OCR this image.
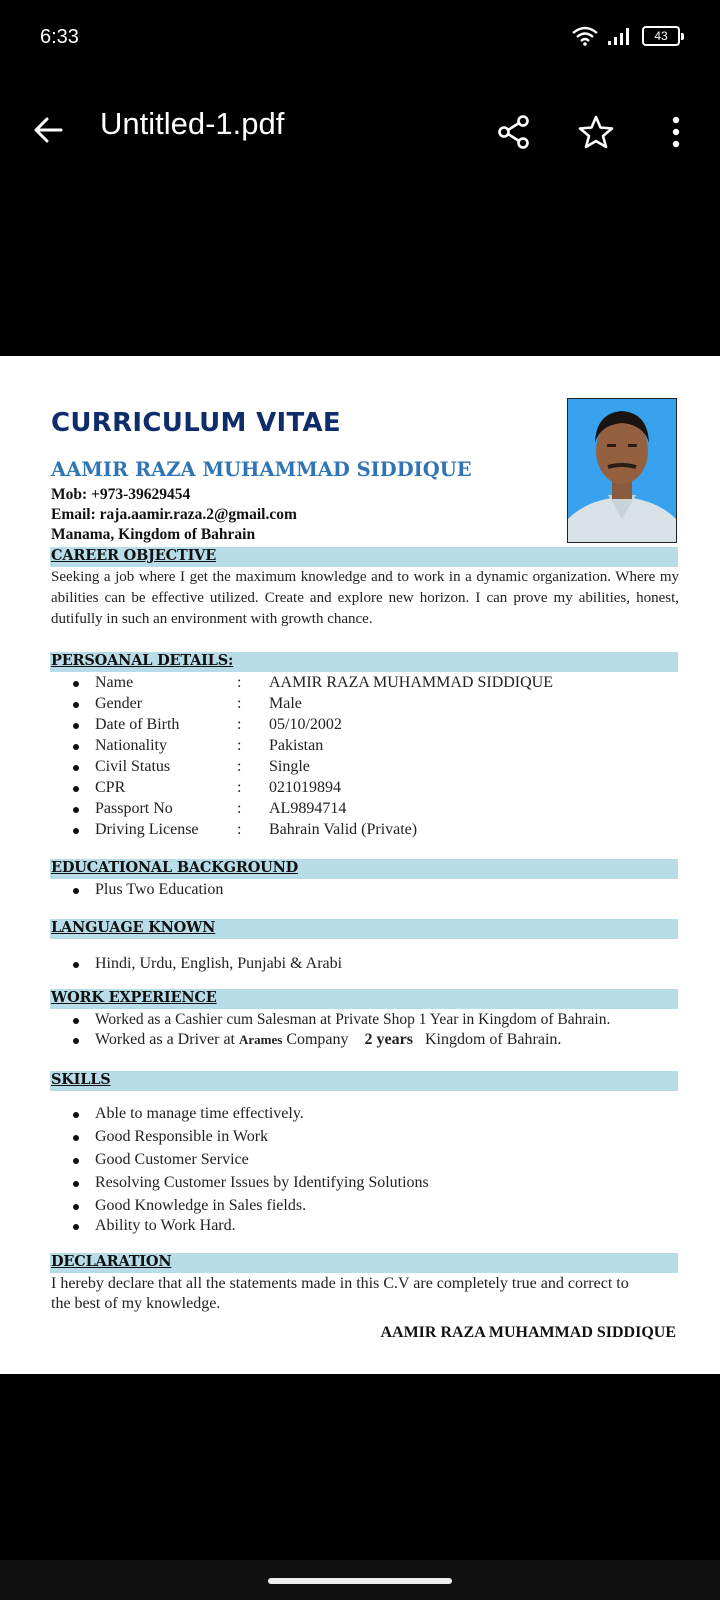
6:33	43
Untitled-1.pdf
CURRICULUM VITAE
AAMIR RAZA MUHAMMAD SIDDIQUE
Mob: +973-39629454
Email: raja.aamir.raza.2@gmail.com
Manama, Kingdom of Bahrain
CAREER OBJECTIVE
Seeking a job where I get the maximum knowledge and to work in a dynamic organization. Where my abilities can be effective utilized. Create and explore new horizon. I can prove my abilities, honest, dutifully in such an environment with growth chance.
PERSOANAL DETAILS:
Name	: AAMIR RAZA MUHAMMAD SIDDIQUE
Gender	: Male
Date of Birth	: 05/10/2002
Nationality	: Pakistan
Civil Status	: Single
CPR	: 021019894
Passport No	: AL9894714
Driving License : Bahrain Valid (Private)
EDUCATIONAL BACKGROUND
Plus Two Education
LANGUAGE KNOWN
Hindi, Urdu, English, Punjabi & Arabi
WORK EXPERIENCE
Worked as a Cashier cum Salesman at Private Shop 1 Year in Kingdom of Bahrain.
Worked as a Driver at Arames Company    2 years Kingdom of Bahrain.
SKILLS
Able to manage time effectively.
Good Responsible in Work
Good Customer Service
Resolving Customer Issues by Identifying Solutions
Good Knowledge in Sales fields.
Ability to Work Hard.
DECLARATION
I hereby declare that all the statements made in this C.V are completely true and correct to the best of my knowledge.
AAMIR RAZA MUHAMMAD SIDDIQUE
